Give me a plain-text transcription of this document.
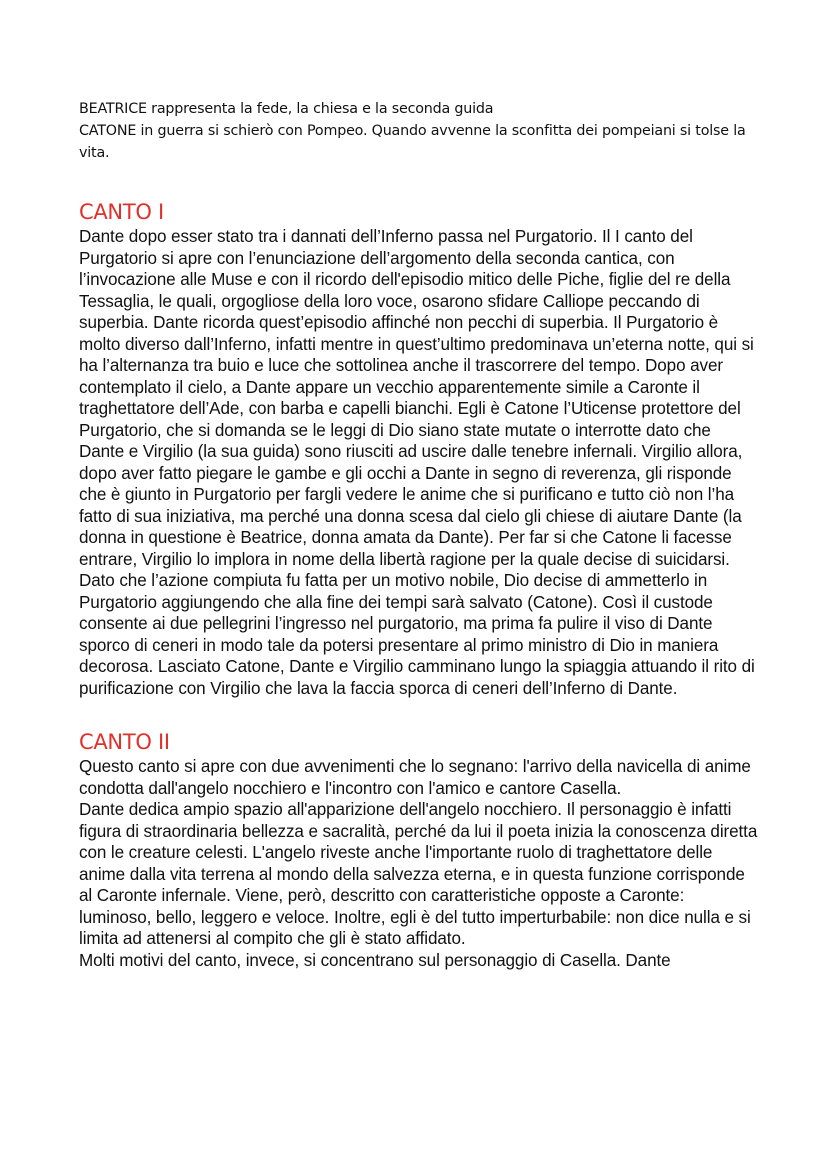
BEATRICE rappresenta la fede, la chiesa e la seconda guida

CATONE in guerra si schierò con Pompeo. Quando avvenne la sconfitta dei pompeiani si tolse la vita.

CANTO I

Dante dopo esser stato tra i dannati dell’Inferno passa nel Purgatorio. Il I canto del Purgatorio si apre con l’enunciazione dell’argomento della seconda cantica, con l’invocazione alle Muse e con il ricordo dell'episodio mitico delle Piche, figlie del re della Tessaglia, le quali, orgogliose della loro voce, osarono sfidare Calliope peccando di superbia. Dante ricorda quest’episodio affinché non pecchi di superbia. Il Purgatorio è molto diverso dall’Inferno, infatti mentre in quest’ultimo predominava un’eterna notte, qui si ha l’alternanza tra buio e luce che sottolinea anche il trascorrere del tempo. Dopo aver contemplato il cielo, a Dante appare un vecchio apparentemente simile a Caronte il traghettatore dell’Ade, con barba e capelli bianchi. Egli è Catone l’Uticense protettore del Purgatorio, che si domanda se le leggi di Dio siano state mutate o interrotte dato che Dante e Virgilio (la sua guida) sono riusciti ad uscire dalle tenebre infernali. Virgilio allora, dopo aver fatto piegare le gambe e gli occhi a Dante in segno di reverenza, gli risponde che è giunto in Purgatorio per fargli vedere le anime che si purificano e tutto ciò non l’ha fatto di sua iniziativa, ma perché una donna scesa dal cielo gli chiese di aiutare Dante (la donna in questione è Beatrice, donna amata da Dante). Per far si che Catone li facesse entrare, Virgilio lo implora in nome della libertà ragione per la quale decise di suicidarsi. Dato che l’azione compiuta fu fatta per un motivo nobile, Dio decise di ammetterlo in Purgatorio aggiungendo che alla fine dei tempi sarà salvato (Catone). Così il custode consente ai due pellegrini l’ingresso nel purgatorio, ma prima fa pulire il viso di Dante sporco di ceneri in modo tale da potersi presentare al primo ministro di Dio in maniera decorosa. Lasciato Catone, Dante e Virgilio camminano lungo la spiaggia attuando il rito di purificazione con Virgilio che lava la faccia sporca di ceneri dell’Inferno di Dante.

CANTO II

Questo canto si apre con due avvenimenti che lo segnano: l'arrivo della navicella di anime condotta dall'angelo nocchiero e l'incontro con l'amico e cantore Casella.

Dante dedica ampio spazio all'apparizione dell'angelo nocchiero. Il personaggio è infatti figura di straordinaria bellezza e sacralità, perché da lui il poeta inizia la conoscenza diretta con le creature celesti. L'angelo riveste anche l'importante ruolo di traghettatore delle anime dalla vita terrena al mondo della salvezza eterna, e in questa funzione corrisponde al Caronte infernale. Viene, però, descritto con caratteristiche opposte a Caronte: luminoso, bello, leggero e veloce. Inoltre, egli è del tutto imperturbabile: non dice nulla e si limita ad attenersi al compito che gli è stato affidato.

Molti motivi del canto, invece, si concentrano sul personaggio di Casella. Dante
